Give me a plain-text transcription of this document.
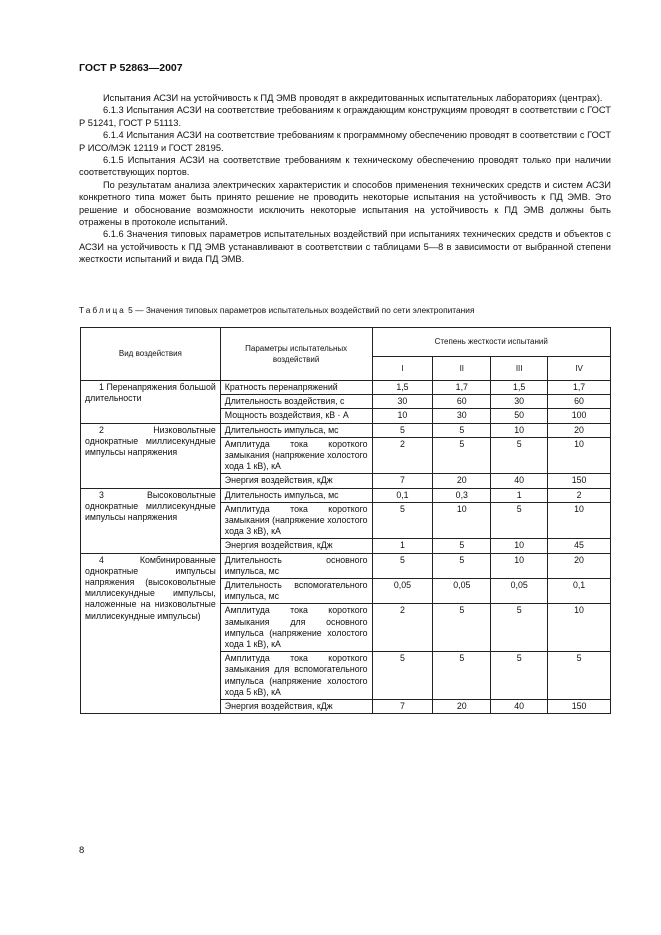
ГОСТ Р 52863—2007

Испытания АСЗИ на устойчивость к ПД ЭМВ проводят в аккредитованных испытательных лабораториях (центрах).

6.1.3 Испытания АСЗИ на соответствие требованиям к ограждающим конструкциям проводят в соответствии с ГОСТ Р 51241, ГОСТ Р 51113.

6.1.4 Испытания АСЗИ на соответствие требованиям к программному обеспечению проводят в соответствии с ГОСТ Р ИСО/МЭК 12119 и ГОСТ 28195.

6.1.5 Испытания АСЗИ на соответствие требованиям к техническому обеспечению проводят только при наличии соответствующих портов.

По результатам анализа электрических характеристик и способов применения технических средств и систем АСЗИ конкретного типа может быть принято решение не проводить некоторые испытания на устойчивость к ПД ЭМВ. Это решение и обоснование возможности исключить некоторые испытания на устойчивость к ПД ЭМВ должны быть отражены в протоколе испытаний.

6.1.6 Значения типовых параметров испытательных воздействий при испытаниях технических средств и объектов с АСЗИ на устойчивость к ПД ЭМВ устанавливают в соответствии с таблицами 5—8 в зависимости от выбранной степени жесткости испытаний и вида ПД ЭМВ.

Таблица 5 — Значения типовых параметров испытательных воздействий по сети электропитания
Вид воздействия	Параметры испытательных воздействий	Степень жесткости испытаний			
		I	II	III	IV
1 Перенапряжения большой длительности	Кратность перенапряжений	1,5	1,7	1,5	1,7
	Длительность воздействия, с	30	60	30	60
	Мощность воздействия, кВ · А	10	30	50	100
2 Низковольтные однократные миллисекундные импульсы напряжения	Длительность импульса, мс	5	5	10	20
	Амплитуда тока короткого замыкания (напряжение холостого хода 1 кВ), кА	2	5	5	10
	Энергия воздействия, кДж	7	20	40	150
3 Высоковольтные однократные миллисекундные импульсы напряжения	Длительность импульса, мс	0,1	0,3	1	2
	Амплитуда тока короткого замыкания (напряжение холостого хода 3 кВ), кА	5	10	5	10
	Энергия воздействия, кДж	1	5	10	45
4 Комбинированные однократные импульсы напряжения (высоковольтные миллисекундные импульсы, наложенные на низковольтные миллисекундные импульсы)	Длительность основного импульса, мс	5	5	10	20
	Длительность вспомогательного импульса, мс	0,05	0,05	0,05	0,1
	Амплитуда тока короткого замыкания для основного импульса (напряжение холостого хода 1 кВ), кА	2	5	5	10
	Амплитуда тока короткого замыкания для вспомогательного импульса (напряжение холостого хода 5 кВ), кА	5	5	5	5
	Энергия воздействия, кДж	7	20	40	150
8
